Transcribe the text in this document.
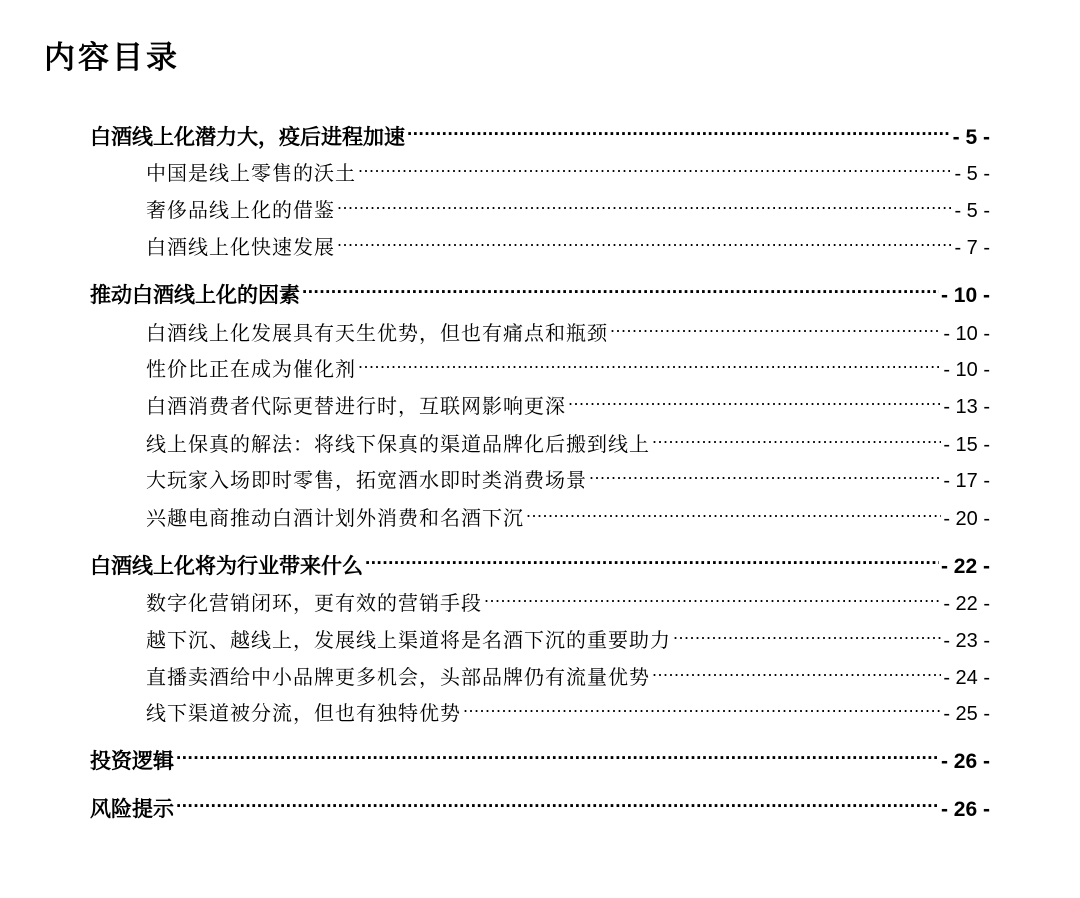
内容目录
白酒线上化潜力大，疫后进程加速 .....	- 5 -
中国是线上零售的沃土 .....	- 5 -
奢侈品线上化的借鉴 .....	- 5 -
白酒线上化快速发展 .....	- 7 -
推动白酒线上化的因素 .....	- 10 -
白酒线上化发展具有天生优势，但也有痛点和瓶颈 .....	- 10 -
性价比正在成为催化剂 .....	- 10 -
白酒消费者代际更替进行时，互联网影响更深 .....	- 13 -
线上保真的解法：将线下保真的渠道品牌化后搬到线上 .....	- 15 -
大玩家入场即时零售，拓宽酒水即时类消费场景 .....	- 17 -
兴趣电商推动白酒计划外消费和名酒下沉 .....	- 20 -
白酒线上化将为行业带来什么 .....	- 22 -
数字化营销闭环，更有效的营销手段 .....	- 22 -
越下沉、越线上，发展线上渠道将是名酒下沉的重要助力 .....	- 23 -
直播卖酒给中小品牌更多机会，头部品牌仍有流量优势 .....	- 24 -
线下渠道被分流，但也有独特优势 .....	- 25 -
投资逻辑 .....	- 26 -
风险提示 .....	- 26 -
